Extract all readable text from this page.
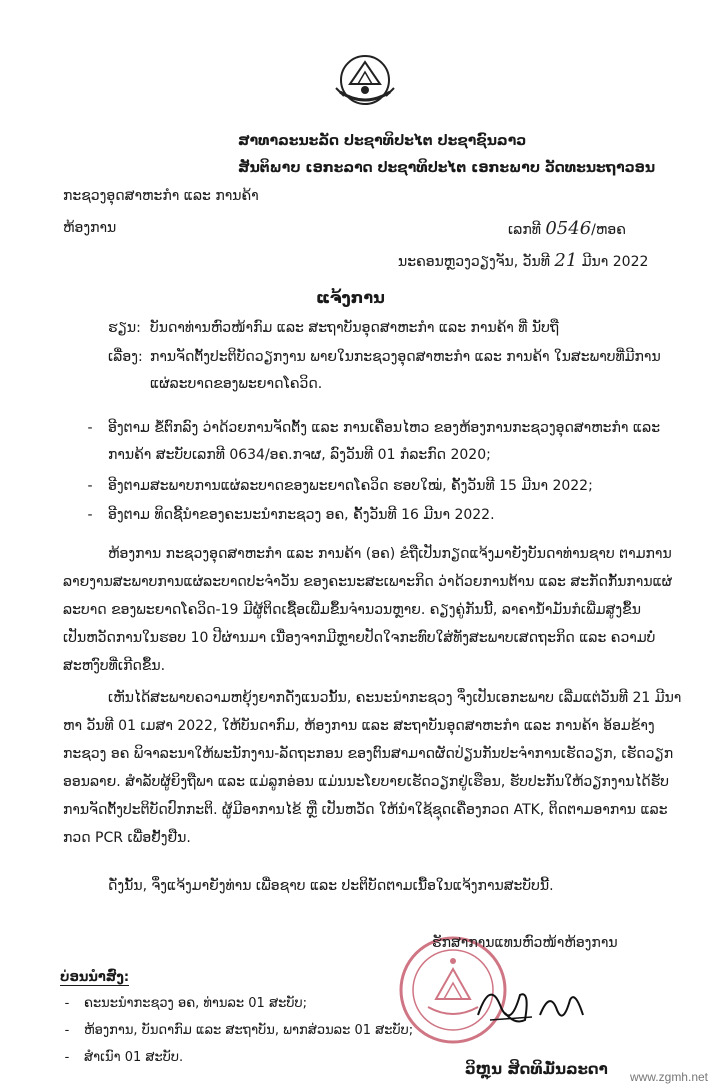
ສາທາລະນະລັດ ປະຊາທິປະໄຕ ປະຊາຊົນລາວ
ສັນຕິພາບ ເອກະລາດ ປະຊາທິປະໄຕ ເອກະພາບ ວັດທະນະຖາວອນ
ກະຊວງອຸດສາຫະກຳ ແລະ ການຄ້າ
ຫ້ອງການ	ເລກທີ 0546/ຫອຄ
ນະຄອນຫຼວງວຽງຈັນ, ວັນທີ 21 ມີນາ 2022
ແຈ້ງການ
ຮຽນ: ບັນດາທ່ານຫົວໜ້າກົມ ແລະ ສະຖາບັນອຸດສາຫະກຳ ແລະ ການຄ້າ ທີ່ ນັບຖື
ເລື່ອງ: ການຈັດຕັ້ງປະຕິບັດວຽກງານ ພາຍໃນກະຊວງອຸດສາຫະກຳ ແລະ ການຄ້າ ໃນສະພາບທີ່ມີການ
ແຜ່ລະບາດຂອງພະຍາດໂຄວິດ.
- ອີງຕາມ ຂໍ້ຕົກລົງ ວ່າດ້ວຍການຈັດຕັ້ງ ແລະ ການເຄື່ອນໄຫວ ຂອງຫ້ອງການກະຊວງອຸດສາຫະກຳ ແລະ
ການຄ້າ ສະບັບເລກທີ 0634/ອຄ.ກຈຜ, ລົງວັນທີ 01 ກໍລະກົດ 2020;
- ອີງຕາມສະພາບການແຜ່ລະບາດຂອງພະຍາດໂຄວິດ ຮອບໃໝ່, ຄັ້ງວັນທີ 15 ມີນາ 2022;
- ອີງຕາມ ທິດຊີ້ນຳຂອງຄະນະນຳກະຊວງ ອຄ, ຄັ້ງວັນທີ 16 ມີນາ 2022.
ຫ້ອງການ ກະຊວງອຸດສາຫະກຳ ແລະ ການຄ້າ (ອຄ) ຂໍຖືເປັນກຽດແຈ້ງມາຍັງບັນດາທ່ານຊາບ ຕາມການ
ລາຍງານສະພາບການແຜ່ລະບາດປະຈຳວັນ ຂອງຄະນະສະເພາະກິດ ວ່າດ້ວຍການຕ້ານ ແລະ ສະກັດກັ້ນການແຜ່
ລະບາດ ຂອງພະຍາດໂຄວິດ-19 ມີຜູ້ຕິດເຊື້ອເພີ່ມຂຶ້ນຈຳນວນຫຼາຍ. ຄຽງຄູ່ກັນນີ້, ລາຄານ້ຳມັນກໍເພີ່ມສູງຂຶ້ນ
ເປັນຫວັດການໃນຮອບ 10 ປີຜ່ານມາ ເນື່ອງຈາກມີຫຼາຍປັດໃຈກະທົບໃສ່ທັງສະພາບເສດຖະກິດ ແລະ ຄວາມບໍ່
ສະຫງົບທີ່ເກີດຂຶ້ນ.
ເຫັນໄດ້ສະພາບຄວາມຫຍຸ້ງຍາກດັ່ງແນວນັ້ນ, ຄະນະນຳກະຊວງ ຈຶ່ງເປັນເອກະພາບ ເລີ່ມແຕ່ວັນທີ 21 ມີນາ
ຫາ ວັນທີ 01 ເມສາ 2022, ໃຫ້ບັນດາກົມ, ຫ້ອງການ ແລະ ສະຖາບັນອຸດສາຫະກຳ ແລະ ການຄ້າ ອ້ອມຂ້າງ
ກະຊວງ ອຄ ພິຈາລະນາໃຫ້ພະນັກງານ-ລັດຖະກອນ ຂອງຕົນສາມາດຜັດປ່ຽນກັນປະຈຳການເຮັດວຽກ, ເຮັດວຽກ
ອອນລາຍ. ສຳລັບຜູ້ຍິງຖືພາ ແລະ ແມ່ລູກອ່ອນ ແມ່ນນະໂຍບາຍເຮັດວຽກຢູ່ເຮືອນ, ຮັບປະກັນໃຫ້ວຽກງານໄດ້ຮັບ
ການຈັດຕັ້ງປະຕິບັດປົກກະຕິ. ຜູ້ມີອາການໄຂ້ ຫຼື ເປັນຫວັດ ໃຫ້ນຳໃຊ້ຊຸດເຄື່ອງກວດ ATK, ຕິດຕາມອາການ ແລະ
ກວດ PCR ເພື່ອຢັ້ງຢືນ.
ດັ່ງນັ້ນ, ຈຶ່ງແຈ້ງມາຍັງທ່ານ ເພື່ອຊາບ ແລະ ປະຕິບັດຕາມເນື້ອໃນແຈ້ງການສະບັບນີ້.
ຮັກສາການແທນຫົວໜ້າຫ້ອງການ
ວິຫຼຸນ ສິດທິມັ່ນລະດາ
ບ່ອນນຳສົ່ງ:
- ຄະນະນຳກະຊວງ ອຄ, ທ່ານລະ 01 ສະບັບ;
- ຫ້ອງການ, ບັນດາກົມ ແລະ ສະຖາບັນ, ພາກສ່ວນລະ 01 ສະບັບ;
- ສຳເນົາ 01 ສະບັບ.
www.zgmh.net
